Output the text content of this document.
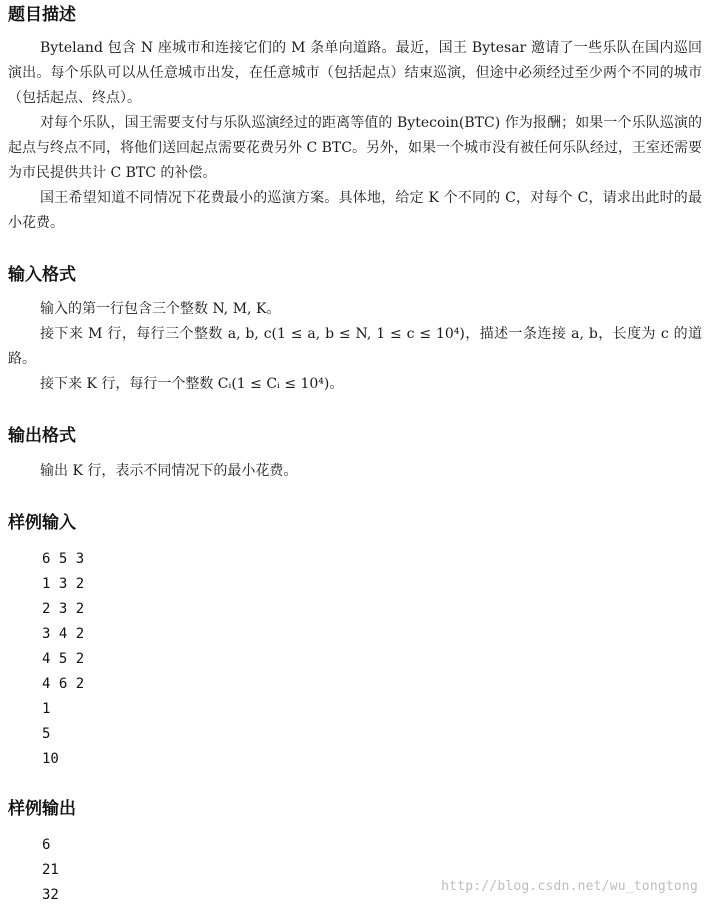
题目描述

Byteland 包含 N 座城市和连接它们的 M 条单向道路。最近，国王 Bytesar 邀请了一些乐队在国内巡回演出。每个乐队可以从任意城市出发，在任意城市（包括起点）结束巡演，但途中必须经过至少两个不同的城市（包括起点、终点）。

对每个乐队，国王需要支付与乐队巡演经过的距离等值的 Bytecoin(BTC) 作为报酬；如果一个乐队巡演的起点与终点不同，将他们送回起点需要花费另外 C BTC。另外，如果一个城市没有被任何乐队经过，王室还需要为市民提供共计 C BTC 的补偿。

国王希望知道不同情况下花费最小的巡演方案。具体地，给定 K 个不同的 C，对每个 C，请求出此时的最小花费。

输入格式

输入的第一行包含三个整数 N, M, K。

接下来 M 行，每行三个整数 a, b, c(1 ≤ a, b ≤ N, 1 ≤ c ≤ 10⁴)，描述一条连接 a, b，长度为 c 的道路。

接下来 K 行，每行一个整数 Cᵢ(1 ≤ Cᵢ ≤ 10⁴)。

输出格式

输出 K 行，表示不同情况下的最小花费。

样例输入
6 5 3
1 3 2
2 3 2
3 4 2
4 5 2
4 6 2
1
5
10
样例输出
6
21
32
http://blog.csdn.net/wu_tongtong
